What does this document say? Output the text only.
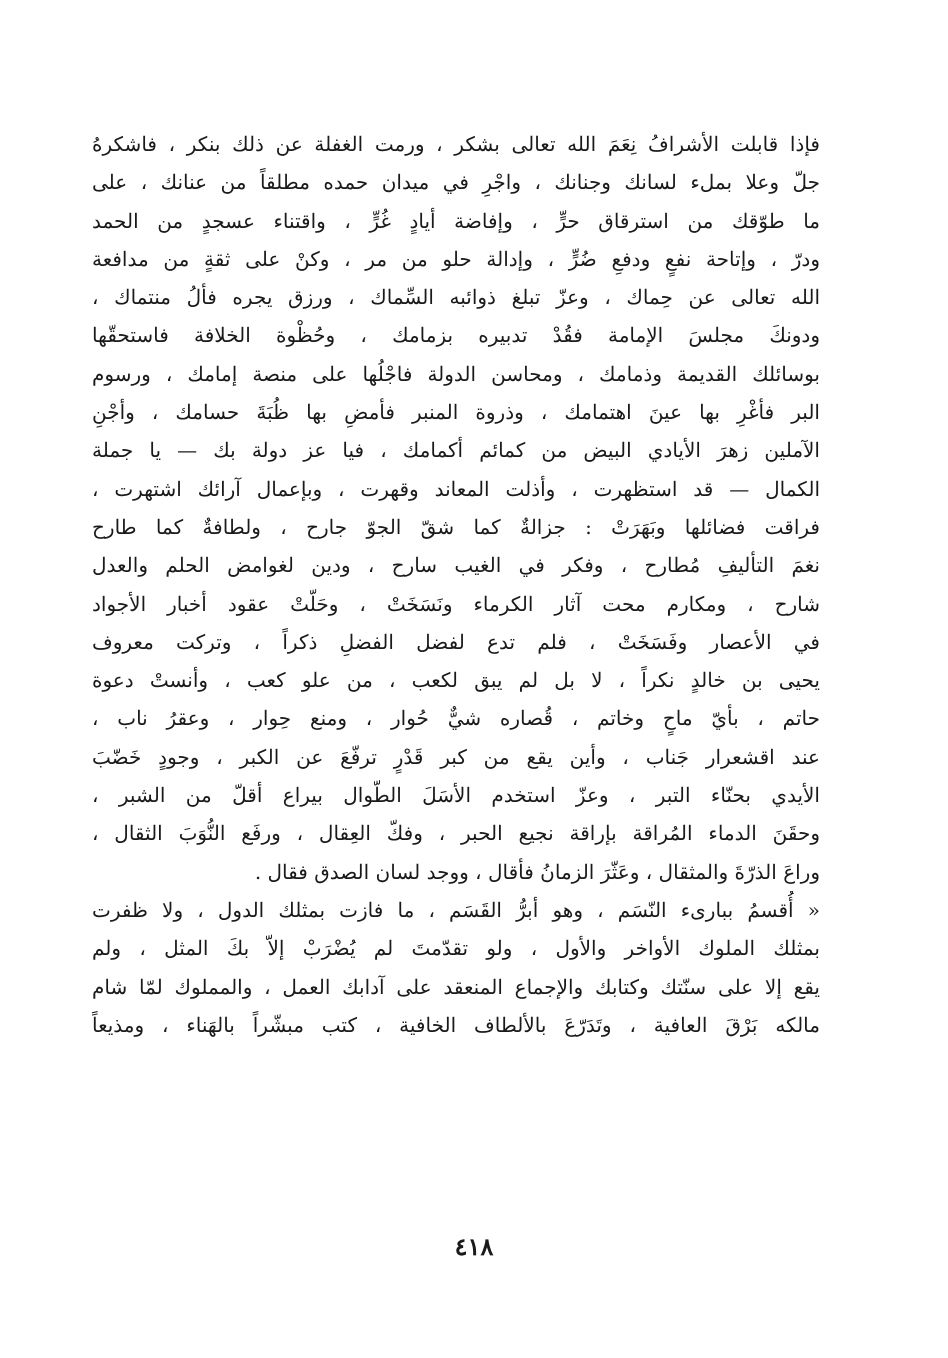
فإذا قابلت الأشرافُ نِعَمَ الله تعالى بشكر ، ورمت الغفلة عن ذلك بنكر ، فاشكرهُ
جلّ وعلا بملء لسانك وجنانك ، واجْرِ في ميدان حمده مطلقاً من عنانك ، على
ما طوّقك من استرقاق حرٍّ ، وإفاضة أيادٍ غُرٍّ ، واقتناء عسجدٍ من الحمد
ودرّ ، وإتاحة نفعٍ ودفعِ ضُرٍّ ، وإدالة حلو من مر ، وكنْ على ثقةٍ من مدافعة
الله تعالى عن حِماك ، وعزّ تبلغ ذوائبه السِّماك ، ورزق يجره فألُ منتماك ،
ودونكَ مجلسَ الإمامة فقُدْ تدبيره بزمامك ، وحُظْوة الخلافة فاستحقّها
بوسائلك القديمة وذمامك ، ومحاسن الدولة فاجْلُها على منصة إمامك ، ورسوم
البر فأغْرِ بها عينَ اهتمامك ، وذروة المنبر فأمضِ بها ظُبَةَ حسامك ، وأجْنِ
الآملين زهرَ الأيادي البيض من كمائم أكمامك ، فيا عز دولة بك — يا جملة
الكمال — قد استظهرت ، وأذلت المعاند وقهرت ، وبإعمال آرائك اشتهرت ،
فراقت فضائلها وبَهَرَتْ : جزالةٌ كما شقّ الجوّ جارح ، ولطافةٌ كما طارح
نغمَ التأليفِ مُطارح ، وفكر في الغيب سارح ، ودين لغوامض الحلم والعدل
شارح ، ومكارم محت آثار الكرماء ونَسَخَتْ ، وحَلّتْ عقود أخبار الأجواد
في الأعصار وفَسَخَتْ ، فلم تدع لفضل الفضلِ ذكراً ، وتركت معروف
يحيى بن خالدٍ نكراً ، لا بل لم يبق لكعب ، من علو كعب ، وأنستْ دعوة
حاتم ، بأيّ ماحٍ وخاتم ، قُصاره شيٌّ حُوار ، ومنع حِوار ، وعقرُ ناب ،
عند اقشعرار جَناب ، وأين يقع من كبر قَدْرٍ ترفّعَ عن الكبر ، وجودٍ خَضّبَ
الأيدي بحنّاء التبر ، وعزّ استخدم الأسَلَ الطّوال بيراع أقلّ من الشبر ،
وحقَنَ الدماء المُراقة بإراقة نجيع الحبر ، وفكّ العِقال ، ورفَع النُّوَبَ الثقال ،
وراعَ الذرّةَ والمثقال ، وعَثّرَ الزمانُ فأقال ، ووجد لسان الصدق فقال .
« أُقسمُ ببارىء النّسَم ، وهو أبرُّ القَسَم ، ما فازت بمثلك الدول ، ولا ظفرت
بمثلك الملوك الأواخر والأول ، ولو تقدّمتَ لم يُضْرَبْ إلاّ بكَ المثل ، ولم
يقع إلا على سنّتك وكتابك والإجماع المنعقد على آدابك العمل ، والمملوك لمّا شام
مالكه بَرْقَ العافية ، وتَدَرّعَ بالألطاف الخافية ، كتب مبشّراً بالهَناء ، ومذيعاً
٤١٨
